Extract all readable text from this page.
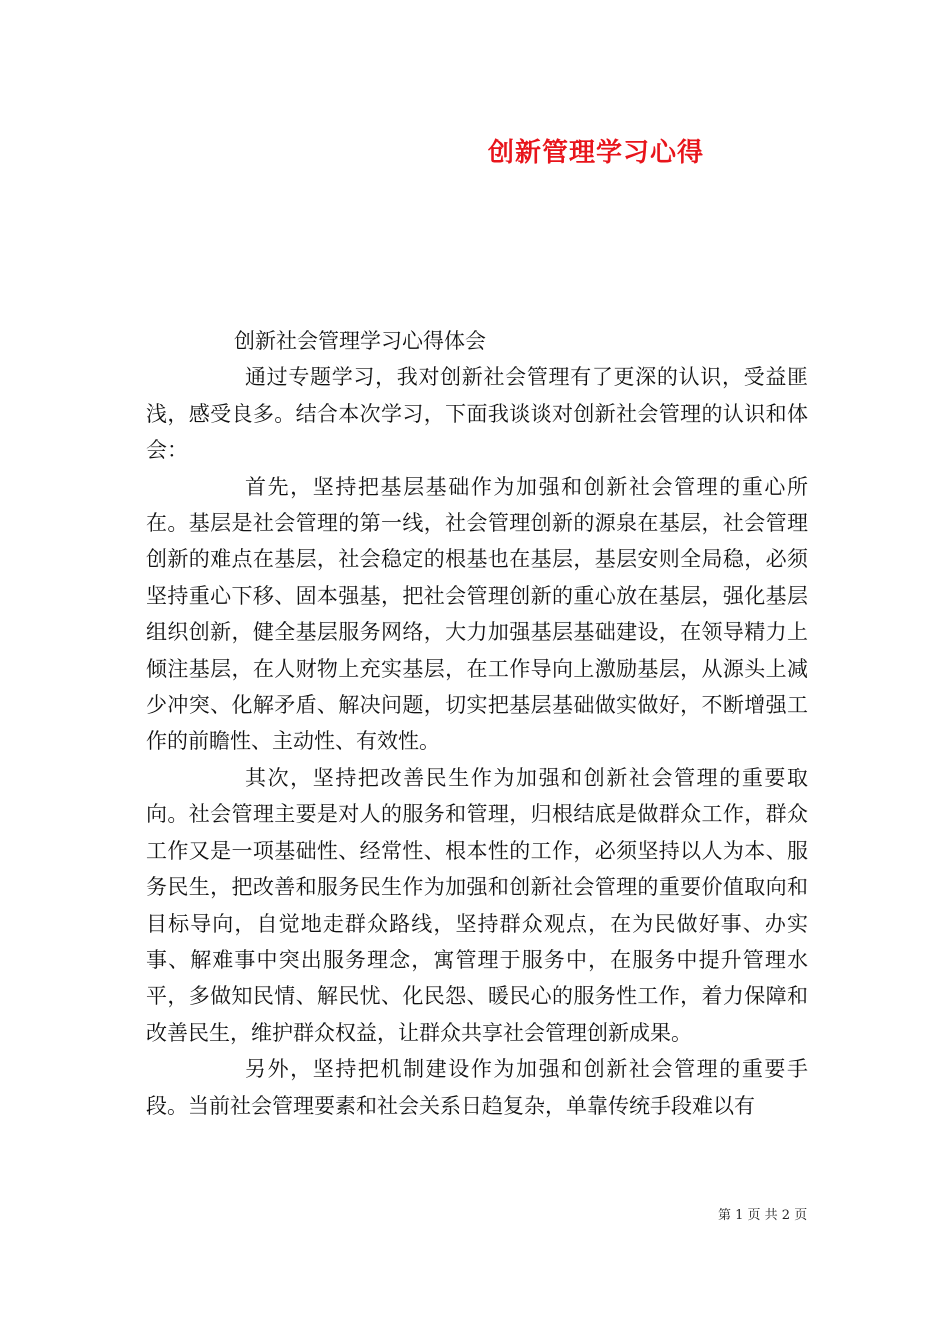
创新管理学习心得

创新社会管理学习心得体会

通过专题学习，我对创新社会管理有了更深的认识，受益匪浅，感受良多。结合本次学习，下面我谈谈对创新社会管理的认识和体会：

首先，坚持把基层基础作为加强和创新社会管理的重心所在。基层是社会管理的第一线，社会管理创新的源泉在基层，社会管理创新的难点在基层，社会稳定的根基也在基层，基层安则全局稳，必须坚持重心下移、固本强基，把社会管理创新的重心放在基层，强化基层组织创新，健全基层服务网络，大力加强基层基础建设，在领导精力上倾注基层，在人财物上充实基层，在工作导向上激励基层，从源头上减少冲突、化解矛盾、解决问题，切实把基层基础做实做好，不断增强工作的前瞻性、主动性、有效性。

其次，坚持把改善民生作为加强和创新社会管理的重要取向。社会管理主要是对人的服务和管理，归根结底是做群众工作，群众工作又是一项基础性、经常性、根本性的工作，必须坚持以人为本、服务民生，把改善和服务民生作为加强和创新社会管理的重要价值取向和目标导向，自觉地走群众路线，坚持群众观点，在为民做好事、办实事、解难事中突出服务理念，寓管理于服务中，在服务中提升管理水平，多做知民情、解民忧、化民怨、暖民心的服务性工作，着力保障和改善民生，维护群众权益，让群众共享社会管理创新成果。

另外，坚持把机制建设作为加强和创新社会管理的重要手段。当前社会管理要素和社会关系日趋复杂，单靠传统手段难以有

第 1 页 共 2 页
